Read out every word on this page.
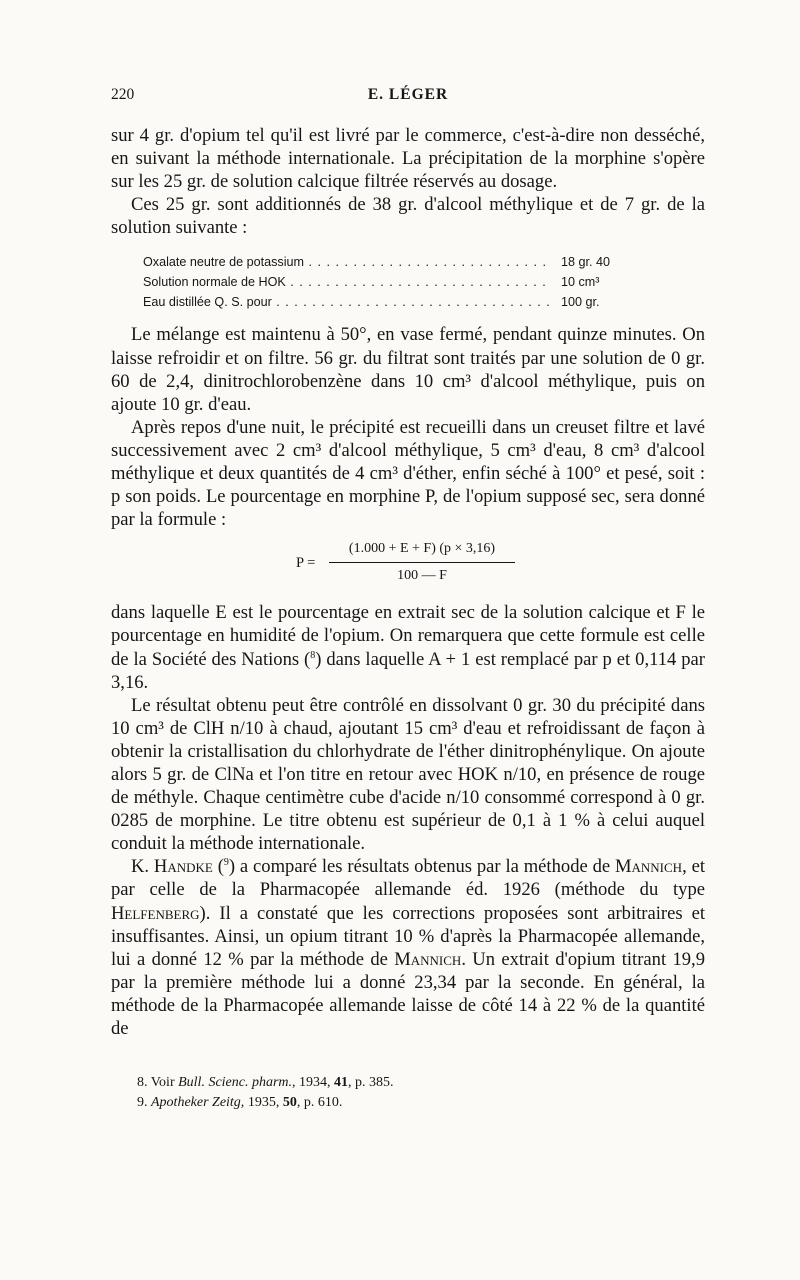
220	E. LÉGER

sur 4 gr. d'opium tel qu'il est livré par le commerce, c'est-à-dire non desséché, en suivant la méthode internationale. La précipitation de la morphine s'opère sur les 25 gr. de solution calcique filtrée réservés au dosage.

Ces 25 gr. sont additionnés de 38 gr. d'alcool méthylique et de 7 gr. de la solution suivante :

Oxalate neutre de potassium . . .	18 gr. 40
Solution normale de HOK . . .	10 cm³
Eau distillée Q. S. pour . . .	100 gr.

Le mélange est maintenu à 50°, en vase fermé, pendant quinze minutes. On laisse refroidir et on filtre. 56 gr. du filtrat sont traités par une solution de 0 gr. 60 de 2,4, dinitrochlorobenzène dans 10 cm³ d'alcool méthylique, puis on ajoute 10 gr. d'eau.

Après repos d'une nuit, le précipité est recueilli dans un creuset filtre et lavé successivement avec 2 cm³ d'alcool méthylique, 5 cm³ d'eau, 8 cm³ d'alcool méthylique et deux quantités de 4 cm³ d'éther, enfin séché à 100° et pesé, soit : p son poids. Le pourcentage en morphine P, de l'opium supposé sec, sera donné par la formule :

$P = \frac{(1.000 + E + F) (p \times 3,16)}{100 — F}$

dans laquelle E est le pourcentage en extrait sec de la solution calcique et F le pourcentage en humidité de l'opium. On remarquera que cette formule est celle de la Société des Nations ($^8$) dans laquelle A + 1 est remplacé par p et 0,114 par 3,16.

Le résultat obtenu peut être contrôlé en dissolvant 0 gr. 30 du précipité dans 10 cm³ de ClH n/10 à chaud, ajoutant 15 cm³ d'eau et refroidissant de façon à obtenir la cristallisation du chlorhydrate de l'éther dinitrophénylique. On ajoute alors 5 gr. de ClNa et l'on titre en retour avec HOK n/10, en présence de rouge de méthyle. Chaque centimètre cube d'acide n/10 consommé correspond à 0 gr. 0285 de morphine. Le titre obtenu est supérieur de 0,1 à 1 % à celui auquel conduit la méthode internationale.

K. Handke ($^9$) a comparé les résultats obtenus par la méthode de Mannich, et par celle de la Pharmacopée allemande éd. 1926 (méthode du type Helfenberg). Il a constaté que les corrections proposées sont arbitraires et insuffisantes. Ainsi, un opium titrant 10 % d'après la Pharmacopée allemande, lui a donné 12 % par la méthode de Mannich. Un extrait d'opium titrant 19,9 par la première méthode lui a donné 23,34 par la seconde. En général, la méthode de la Pharmacopée allemande laisse de côté 14 à 22 % de la quantité de

8. Voir Bull. Scienc. pharm., 1934, 41, p. 385.

9. Apotheker Zeitg, 1935, 50, p. 610.
